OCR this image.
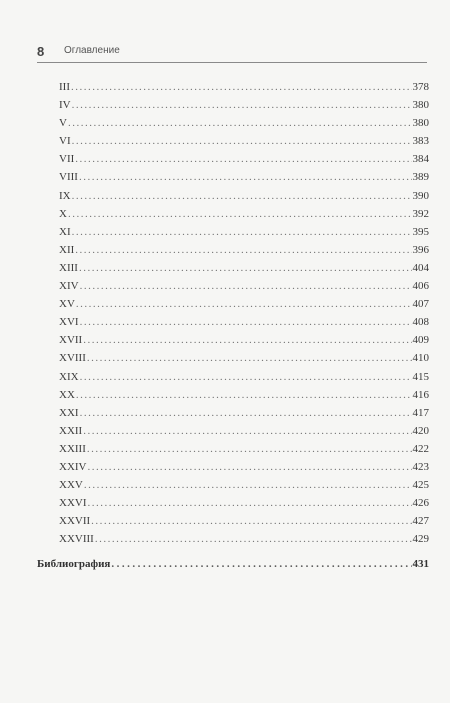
8 Оглавление
III .....	378
IV .....	380
V .....	380
VI .....	383
VII .....	384
VIII .....	389
IX .....	390
X .....	392
XI .....	395
XII .....	396
XIII .....	404
XIV .....	406
XV .....	407
XVI .....	408
XVII .....	409
XVIII .....	410
XIX .....	415
XX .....	416
XXI .....	417
XXII .....	420
XXIII .....	422
XXIV .....	423
XXV .....	425
XXVI .....	426
XXVII .....	427
XXVIII .....	429
Библиография .....	431
